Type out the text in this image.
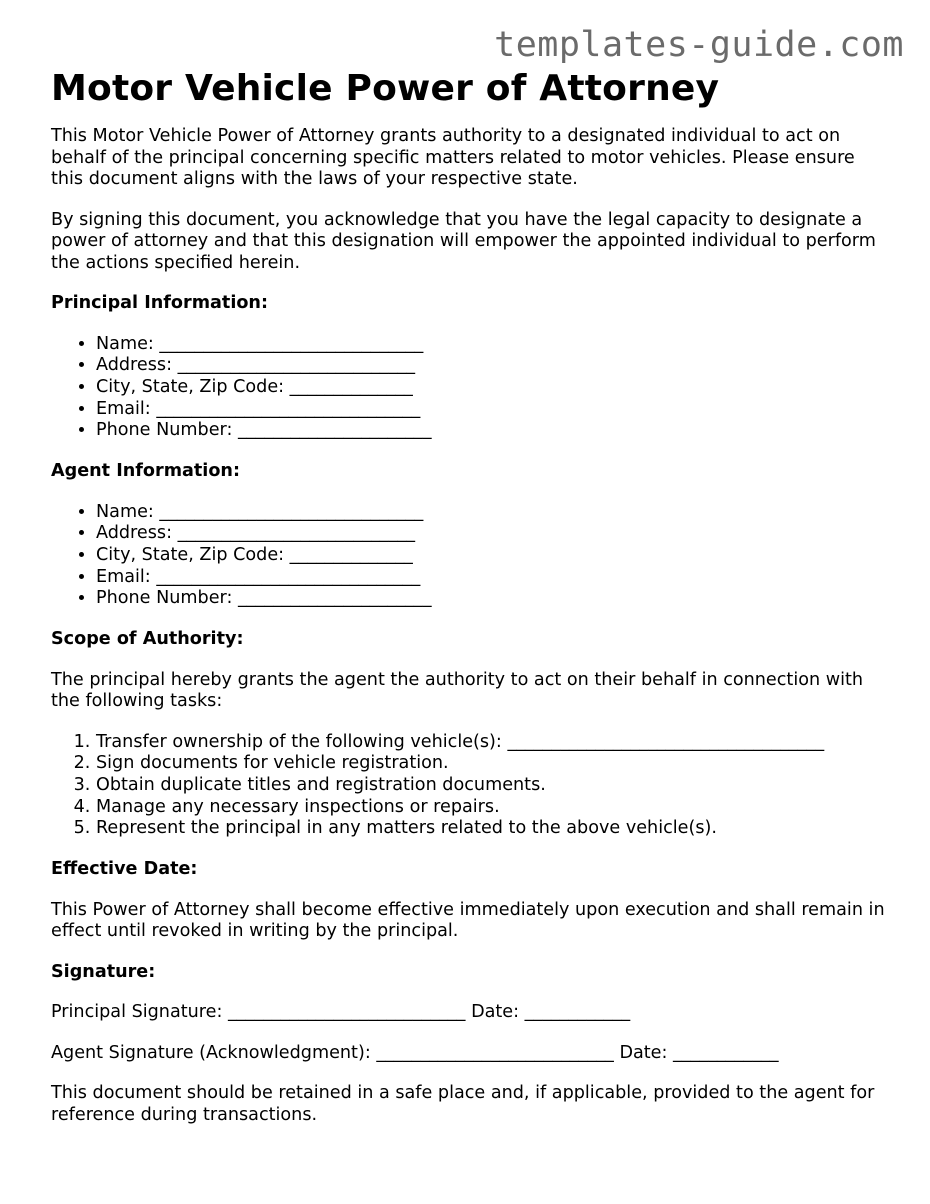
templates-guide.com
Motor Vehicle Power of Attorney

This Motor Vehicle Power of Attorney grants authority to a designated individual to act on behalf of the principal concerning specific matters related to motor vehicles. Please ensure this document aligns with the laws of your respective state.

By signing this document, you acknowledge that you have the legal capacity to designate a power of attorney and that this designation will empower the appointed individual to perform the actions specified herein.

Principal Information:
• Name: ______________________________
• Address: ___________________________
• City, State, Zip Code: ______________
• Email: ______________________________
• Phone Number: ______________________
Agent Information:
• Name: ______________________________
• Address: ___________________________
• City, State, Zip Code: ______________
• Email: ______________________________
• Phone Number: ______________________
Scope of Authority:

The principal hereby grants the agent the authority to act on their behalf in connection with the following tasks:

1. Transfer ownership of the following vehicle(s): ____________________________________
2. Sign documents for vehicle registration.
3. Obtain duplicate titles and registration documents.
4. Manage any necessary inspections or repairs.
5. Represent the principal in any matters related to the above vehicle(s).
Effective Date:

This Power of Attorney shall become effective immediately upon execution and shall remain in effect until revoked in writing by the principal.

Signature:

Principal Signature: ___________________________ Date: ____________

Agent Signature (Acknowledgment): ___________________________ Date: ____________

This document should be retained in a safe place and, if applicable, provided to the agent for reference during transactions.
